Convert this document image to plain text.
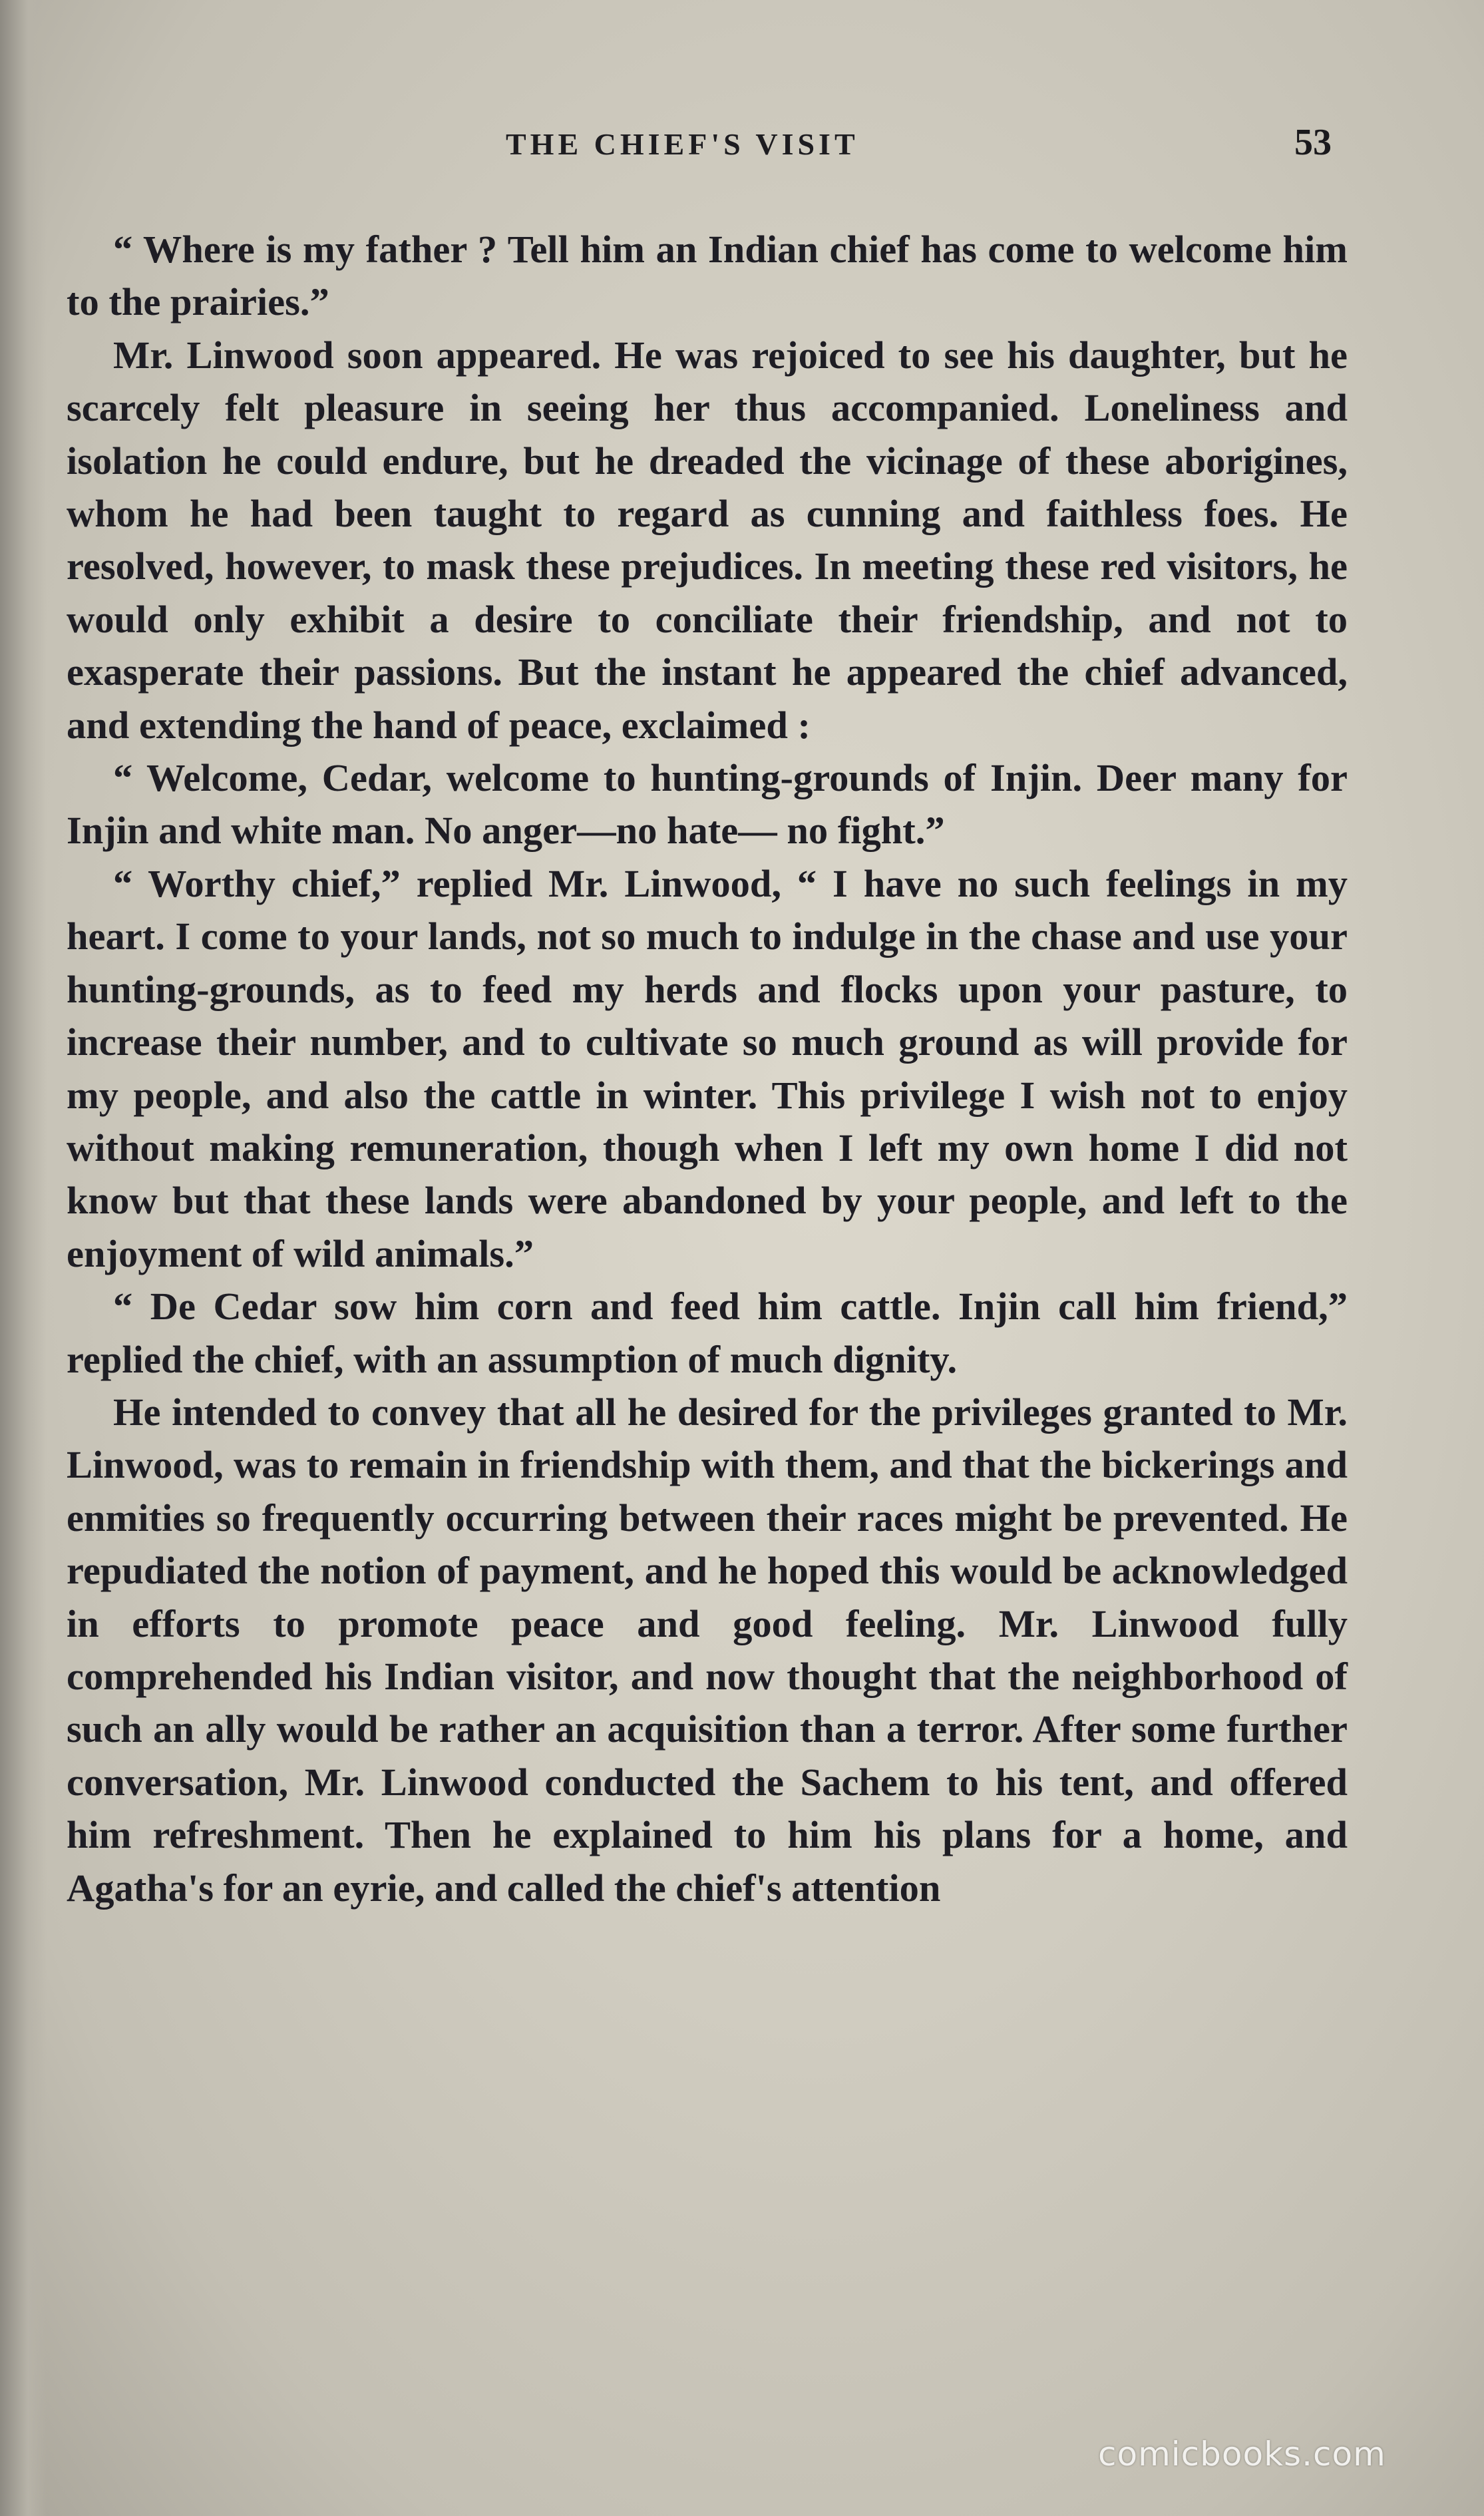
THE CHIEF'S VISIT	53

“ Where is my father ? Tell him an Indian chief has come to welcome him to the prairies.”

Mr. Linwood soon appeared. He was rejoiced to see his daughter, but he scarcely felt pleasure in seeing her thus accompanied. Loneliness and isolation he could endure, but he dreaded the vicinage of these aborigines, whom he had been taught to regard as cunning and faithless foes. He resolved, however, to mask these prejudices. In meeting these red visitors, he would only exhibit a desire to conciliate their friendship, and not to exasperate their passions. But the instant he appeared the chief advanced, and extending the hand of peace, exclaimed :

“ Welcome, Cedar, welcome to hunting-grounds of Injin. Deer many for Injin and white man. No anger—no hate— no fight.”

“ Worthy chief,” replied Mr. Linwood, “ I have no such feelings in my heart. I come to your lands, not so much to indulge in the chase and use your hunting-grounds, as to feed my herds and flocks upon your pasture, to increase their number, and to cultivate so much ground as will provide for my people, and also the cattle in winter. This privilege I wish not to enjoy without making remuneration, though when I left my own home I did not know but that these lands were abandoned by your people, and left to the enjoyment of wild animals.”

“ De Cedar sow him corn and feed him cattle. Injin call him friend,” replied the chief, with an assumption of much dignity.

He intended to convey that all he desired for the privileges granted to Mr. Linwood, was to remain in friendship with them, and that the bickerings and enmities so frequently occurring between their races might be prevented. He repudiated the notion of payment, and he hoped this would be acknowledged in efforts to promote peace and good feeling. Mr. Linwood fully comprehended his Indian visitor, and now thought that the neighborhood of such an ally would be rather an acquisition than a terror. After some further conversation, Mr. Linwood conducted the Sachem to his tent, and offered him refreshment. Then he explained to him his plans for a home, and Agatha's for an eyrie, and called the chief's attention

comicbooks.com
